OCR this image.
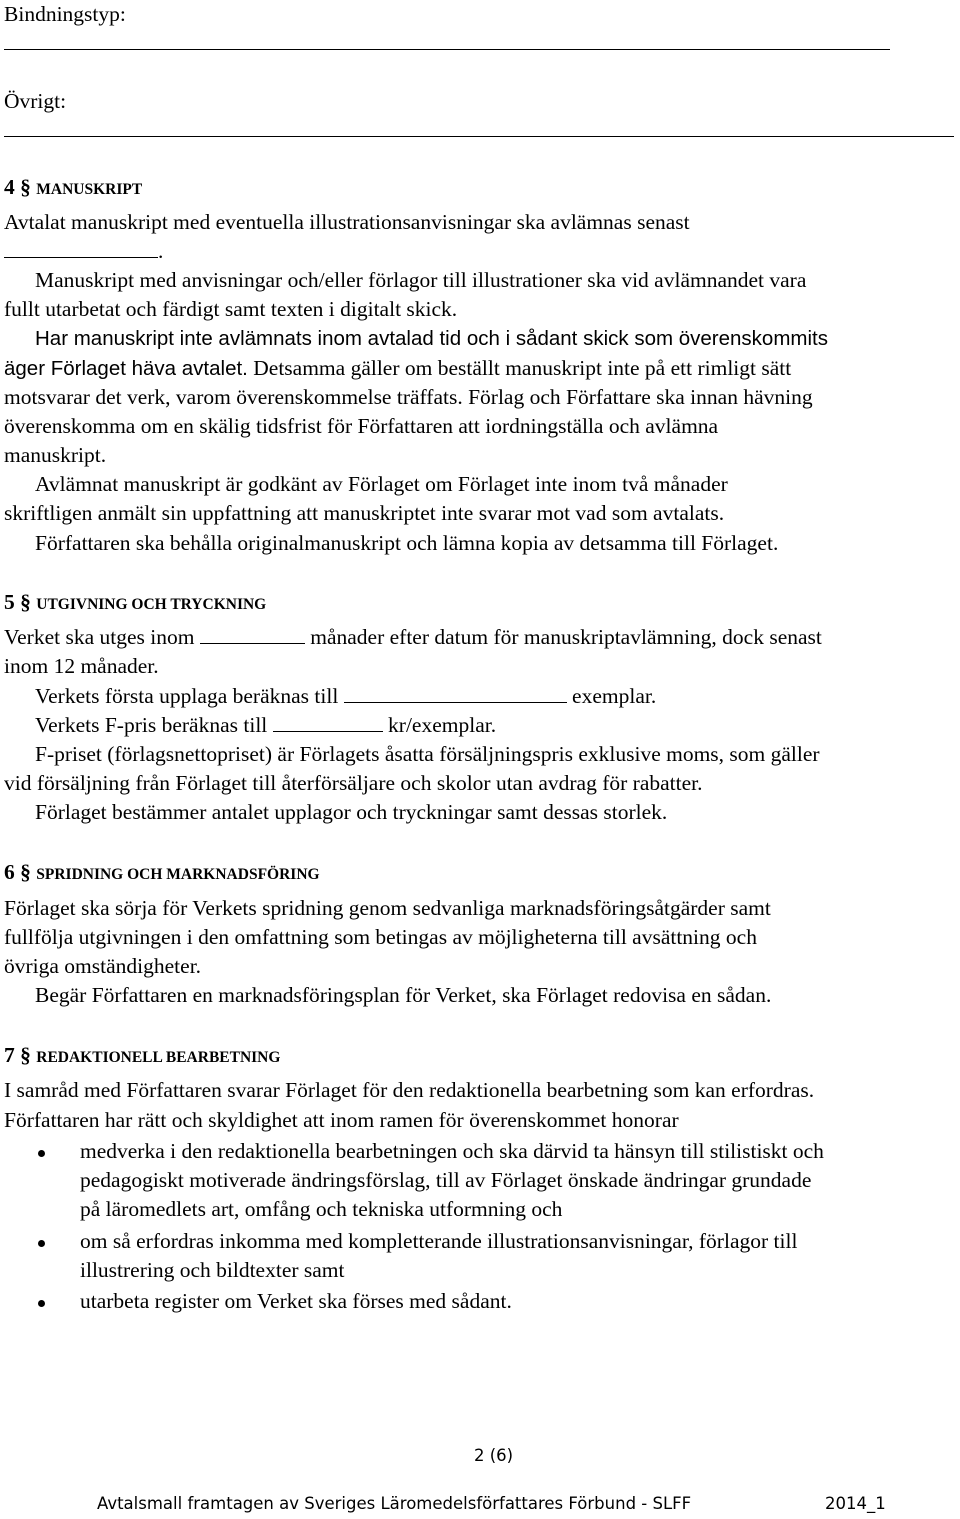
Bindningstyp:
Övrigt:
4 § MANUSKRIPT
Avtalat manuskript med eventuella illustrationsanvisningar ska avlämnas senast
.
Manuskript med anvisningar och/eller förlagor till illustrationer ska vid avlämnandet vara
fullt utarbetat och färdigt samt texten i digitalt skick.
Har manuskript inte avlämnats inom avtalad tid och i sådant skick som överenskommits
äger Förlaget häva avtalet. Detsamma gäller om beställt manuskript inte på ett rimligt sätt
motsvarar det verk, varom överenskommelse träffats. Förlag och Författare ska innan hävning
överenskomma om en skälig tidsfrist för Författaren att iordningställa och avlämna
manuskript.
Avlämnat manuskript är godkänt av Förlaget om Förlaget inte inom två månader
skriftligen anmält sin uppfattning att manuskriptet inte svarar mot vad som avtalats.
Författaren ska behålla originalmanuskript och lämna kopia av detsamma till Förlaget.
5 § UTGIVNING OCH TRYCKNING
Verket ska utges inom	månader efter datum för manuskriptavlämning, dock senast
inom 12 månader.
Verkets första upplaga beräknas till	exemplar.
Verkets F-pris beräknas till	kr/exemplar.
F-priset (förlagsnettopriset) är Förlagets åsatta försäljningspris exklusive moms, som gäller
vid försäljning från Förlaget till återförsäljare och skolor utan avdrag för rabatter.
Förlaget bestämmer antalet upplagor och tryckningar samt dessas storlek.
6 § SPRIDNING OCH MARKNADSFÖRING
Förlaget ska sörja för Verkets spridning genom sedvanliga marknadsföringsåtgärder samt
fullfölja utgivningen i den omfattning som betingas av möjligheterna till avsättning och
övriga omständigheter.
Begär Författaren en marknadsföringsplan för Verket, ska Förlaget redovisa en sådan.
7 § REDAKTIONELL BEARBETNING
I samråd med Författaren svarar Förlaget för den redaktionella bearbetning som kan erfordras.
Författaren har rätt och skyldighet att inom ramen för överenskommet honorar
medverka i den redaktionella bearbetningen och ska därvid ta hänsyn till stilistiskt och
pedagogiskt motiverade ändringsförslag, till av Förlaget önskade ändringar grundade
på läromedlets art, omfång och tekniska utformning och
om så erfordras inkomma med kompletterande illustrationsanvisningar, förlagor till
illustrering och bildtexter samt
utarbeta register om Verket ska förses med sådant.
2 (6)
Avtalsmall framtagen av Sveriges Läromedelsförfattares Förbund - SLFF	2014_1
